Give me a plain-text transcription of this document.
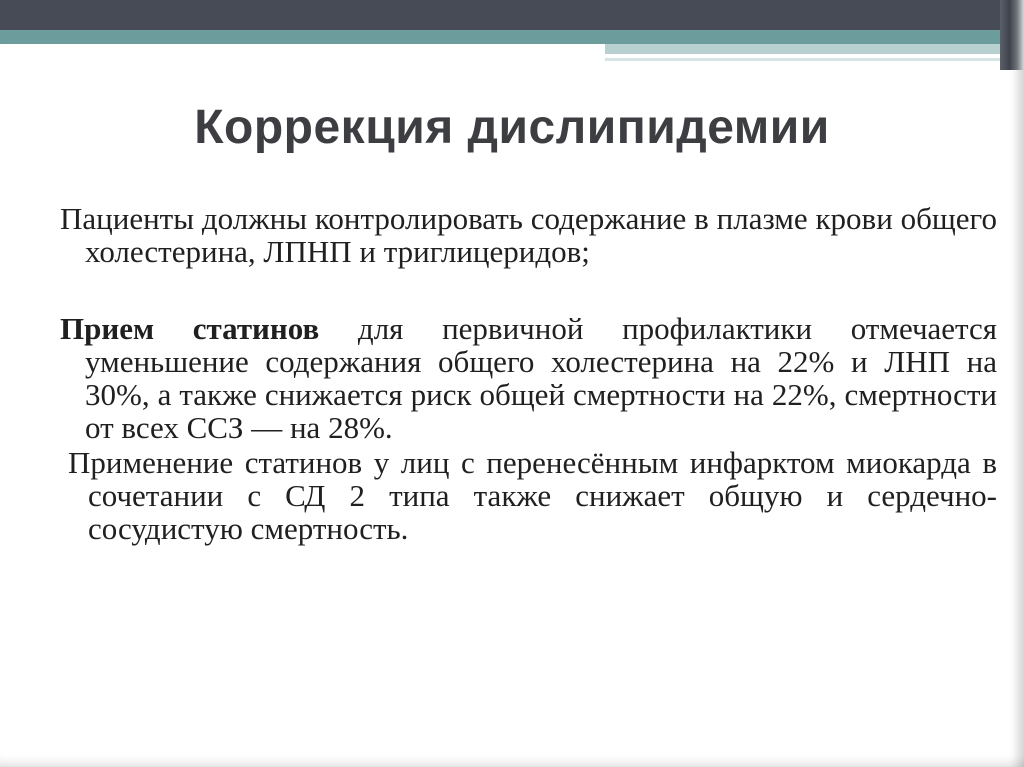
Коррекция дислипидемии

Пациенты должны контролировать содержание в плазме крови общего холестерина, ЛПНП и триглицеридов;

Прием статинов для первичной профилактики отмечается уменьшение содержания общего холестерина на 22% и ЛНП на 30%, а также снижается риск общей смертности на 22%, смертности от всех ССЗ — на 28%.

Применение статинов у лиц с перенесённым инфарктом миокарда в сочетании с СД 2 типа также снижает общую и сердечно-сосудистую смертность.
